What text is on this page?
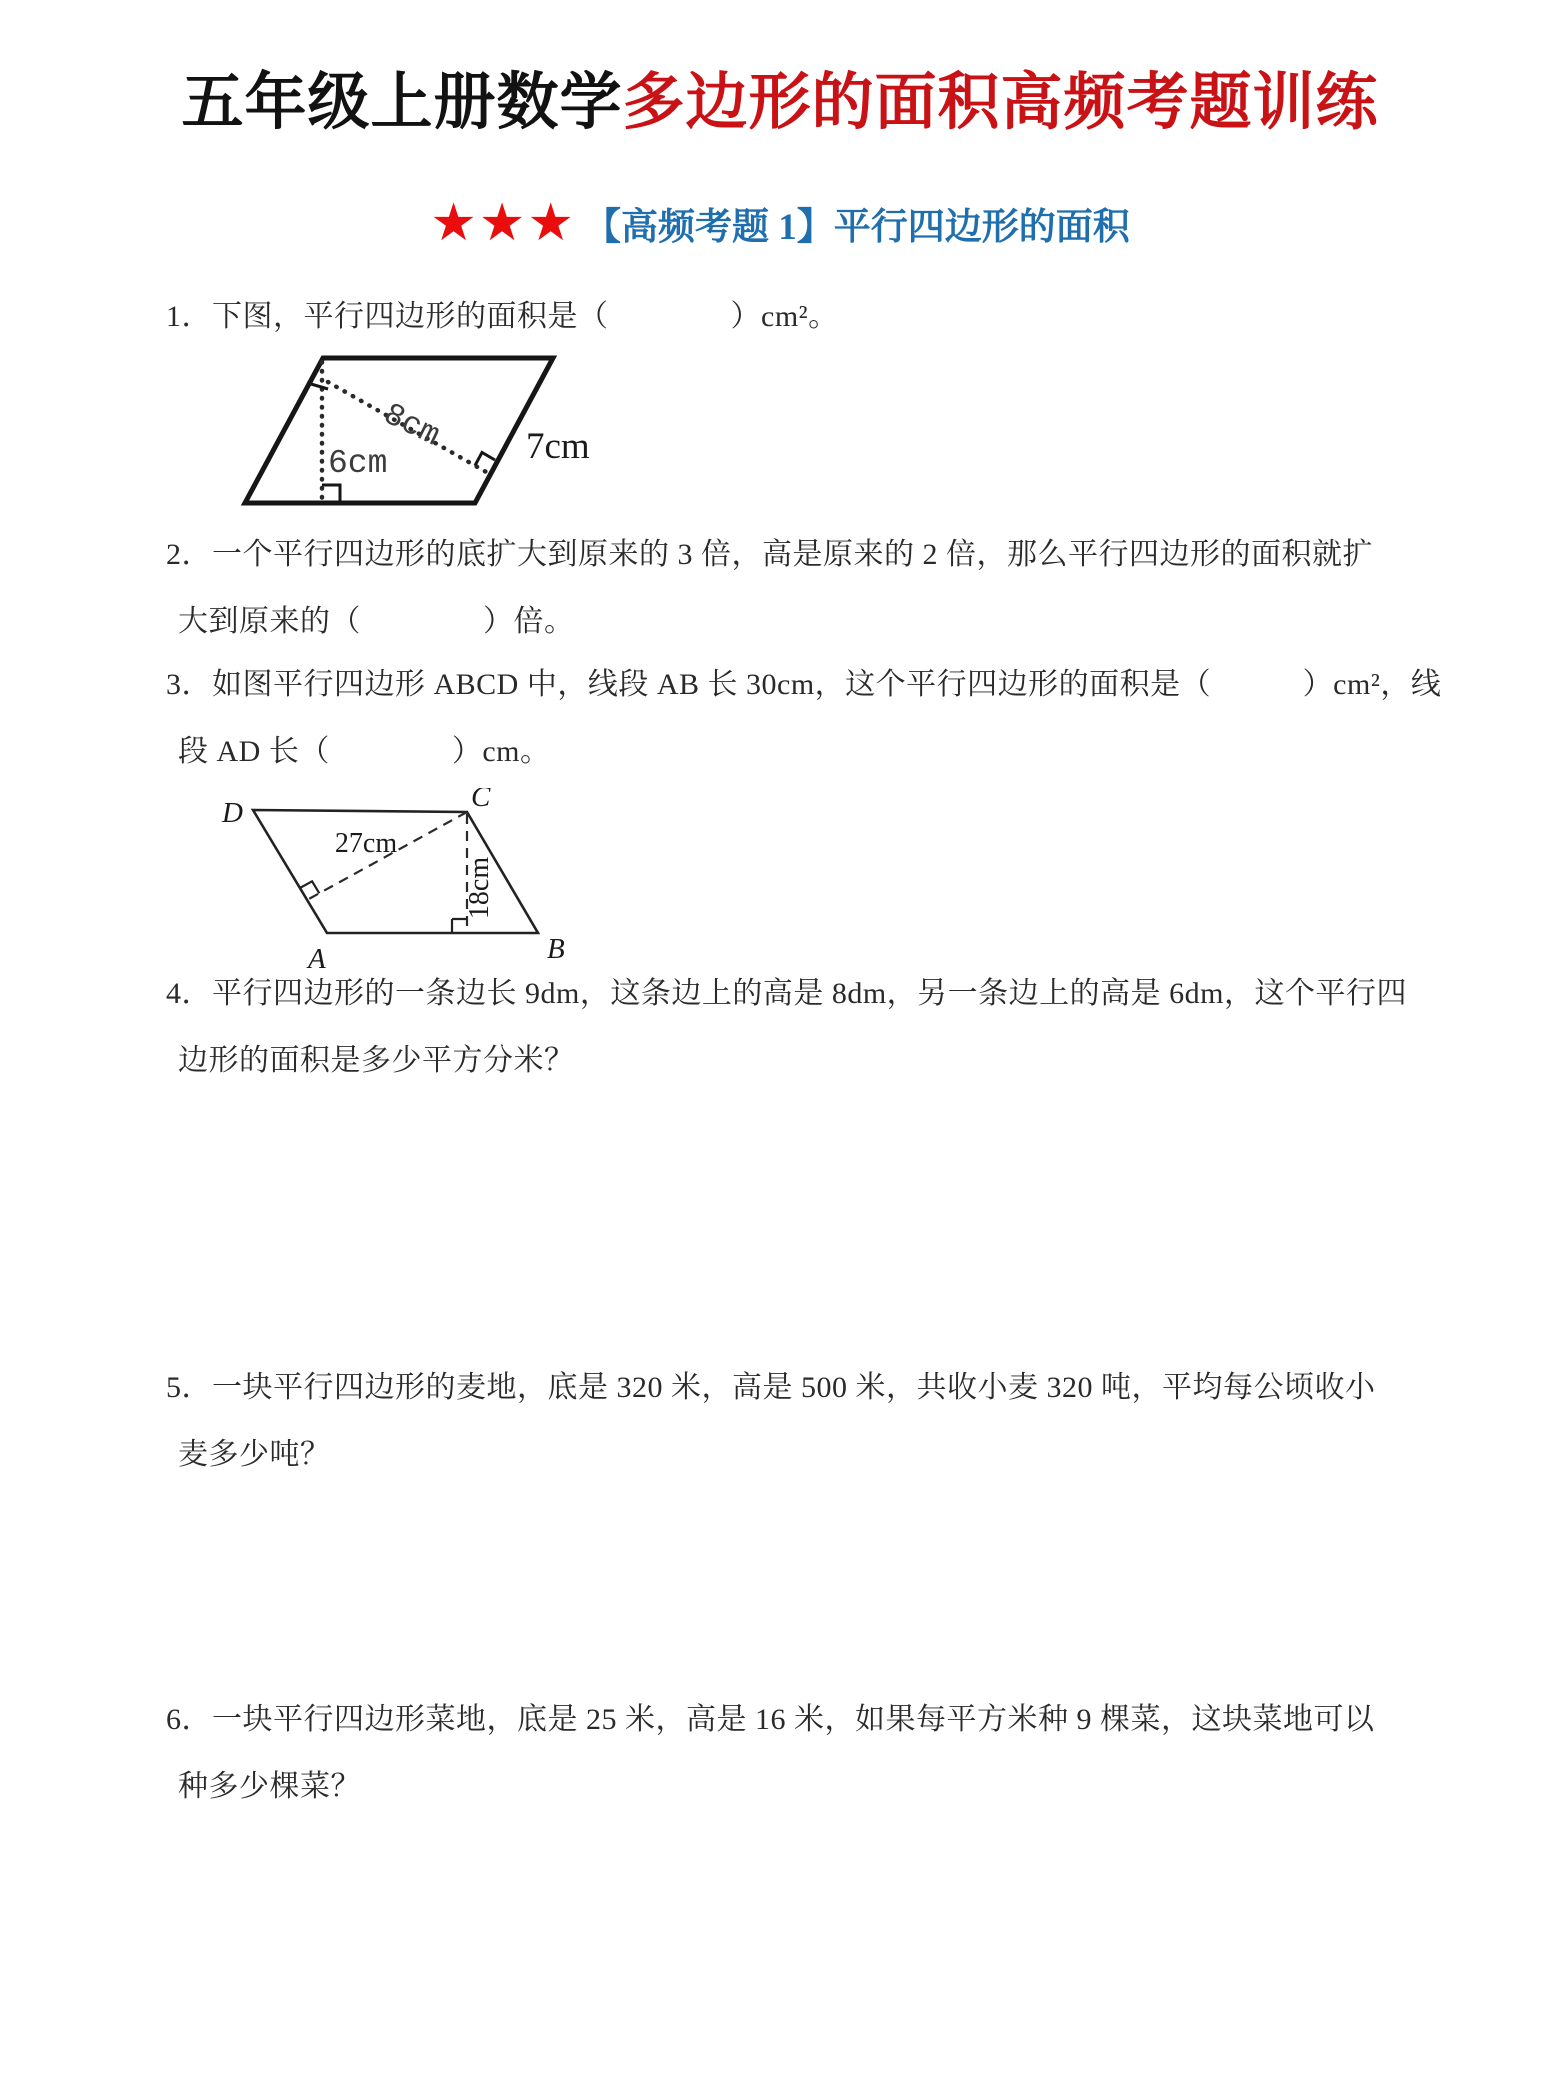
五年级上册数学多边形的面积高频考题训练
★★★ 【高频考题 1】平行四边形的面积
1．下图，平行四边形的面积是（　　　　）cm²。
8cm
6cm	7cm
2．一个平行四边形的底扩大到原来的 3 倍，高是原来的 2 倍，那么平行四边形的面积就扩
大到原来的（　　　　）倍。
3．如图平行四边形 ABCD 中，线段 AB 长 30cm，这个平行四边形的面积是（　　　）cm²，线
段 AD 长（　　　　）cm。
D	C
A	B
27cm
18cm
4．平行四边形的一条边长 9dm，这条边上的高是 8dm，另一条边上的高是 6dm，这个平行四
边形的面积是多少平方分米？
5．一块平行四边形的麦地，底是 320 米，高是 500 米，共收小麦 320 吨，平均每公顷收小
麦多少吨？
6．一块平行四边形菜地，底是 25 米，高是 16 米，如果每平方米种 9 棵菜，这块菜地可以
种多少棵菜？
